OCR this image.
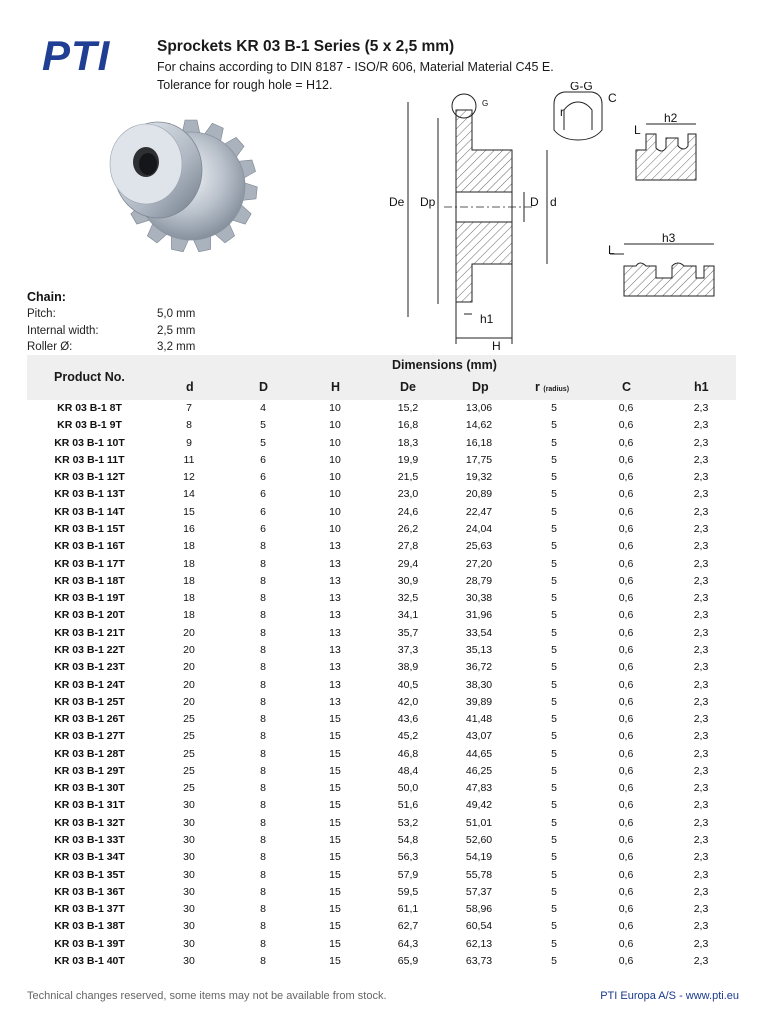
PTI	Sprockets KR 03 B-1 Series (5 x 2,5 mm)
For chains according to DIN 8187 - ISO/R 606, Material Material C45 E.
Tolerance for rough hole = H12.
G
G-G
C
r
L
h2
De Dp	D d
L
h3
h1
H
Chain:
Pitch:	5,0 mm
Internal width:	2,5 mm
Roller Ø:	3,2 mm
Product No.
Dimensions (mm)
d	D	H	De	Dp	r (radius)	C	h1
KR 03 B-1 8T	7	4	10	15,2	13,06	5	0,6	2,3
KR 03 B-1 9T	8	5	10	16,8	14,62	5	0,6	2,3
KR 03 B-1 10T	9	5	10	18,3	16,18	5	0,6	2,3
KR 03 B-1 11T	11	6	10	19,9	17,75	5	0,6	2,3
KR 03 B-1 12T	12	6	10	21,5	19,32	5	0,6	2,3
KR 03 B-1 13T	14	6	10	23,0	20,89	5	0,6	2,3
KR 03 B-1 14T	15	6	10	24,6	22,47	5	0,6	2,3
KR 03 B-1 15T	16	6	10	26,2	24,04	5	0,6	2,3
KR 03 B-1 16T	18	8	13	27,8	25,63	5	0,6	2,3
KR 03 B-1 17T	18	8	13	29,4	27,20	5	0,6	2,3
KR 03 B-1 18T	18	8	13	30,9	28,79	5	0,6	2,3
KR 03 B-1 19T	18	8	13	32,5	30,38	5	0,6	2,3
KR 03 B-1 20T	18	8	13	34,1	31,96	5	0,6	2,3
KR 03 B-1 21T	20	8	13	35,7	33,54	5	0,6	2,3
KR 03 B-1 22T	20	8	13	37,3	35,13	5	0,6	2,3
KR 03 B-1 23T	20	8	13	38,9	36,72	5	0,6	2,3
KR 03 B-1 24T	20	8	13	40,5	38,30	5	0,6	2,3
KR 03 B-1 25T	20	8	13	42,0	39,89	5	0,6	2,3
KR 03 B-1 26T	25	8	15	43,6	41,48	5	0,6	2,3
KR 03 B-1 27T	25	8	15	45,2	43,07	5	0,6	2,3
KR 03 B-1 28T	25	8	15	46,8	44,65	5	0,6	2,3
KR 03 B-1 29T	25	8	15	48,4	46,25	5	0,6	2,3
KR 03 B-1 30T	25	8	15	50,0	47,83	5	0,6	2,3
KR 03 B-1 31T	30	8	15	51,6	49,42	5	0,6	2,3
KR 03 B-1 32T	30	8	15	53,2	51,01	5	0,6	2,3
KR 03 B-1 33T	30	8	15	54,8	52,60	5	0,6	2,3
KR 03 B-1 34T	30	8	15	56,3	54,19	5	0,6	2,3
KR 03 B-1 35T	30	8	15	57,9	55,78	5	0,6	2,3
KR 03 B-1 36T	30	8	15	59,5	57,37	5	0,6	2,3
KR 03 B-1 37T	30	8	15	61,1	58,96	5	0,6	2,3
KR 03 B-1 38T	30	8	15	62,7	60,54	5	0,6	2,3
KR 03 B-1 39T	30	8	15	64,3	62,13	5	0,6	2,3
KR 03 B-1 40T	30	8	15	65,9	63,73	5	0,6	2,3
Technical changes reserved, some items may not be available from stock.	PTI Europa A/S - www.pti.eu
